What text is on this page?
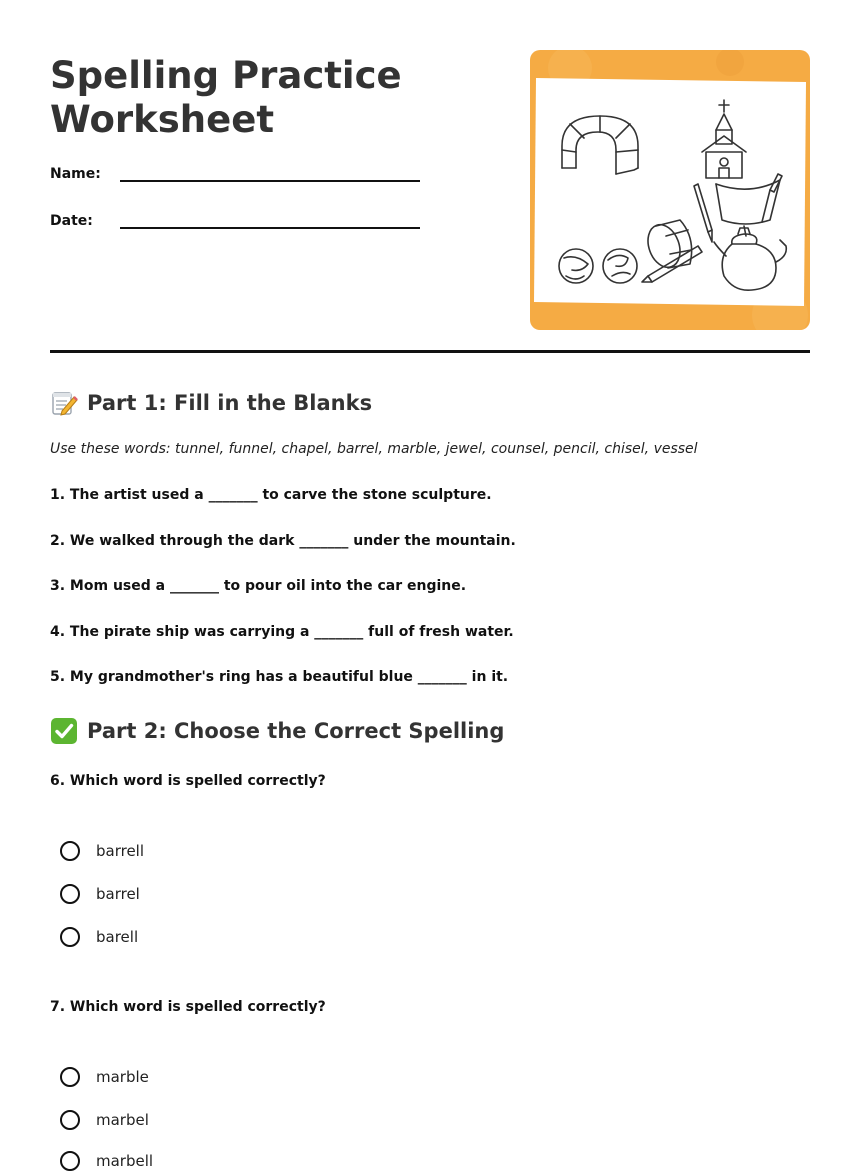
Spelling Practice
Worksheet
Name:
Date:
Part 1: Fill in the Blanks
Use these words: tunnel, funnel, chapel, barrel, marble, jewel, counsel, pencil, chisel, vessel
1. The artist used a _______ to carve the stone sculpture.
2. We walked through the dark _______ under the mountain.
3. Mom used a _______ to pour oil into the car engine.
4. The pirate ship was carrying a _______ full of fresh water.
5. My grandmother's ring has a beautiful blue _______ in it.
Part 2: Choose the Correct Spelling
6. Which word is spelled correctly?
barrell
barrel
barell
7. Which word is spelled correctly?
marble
marbel
marbell
